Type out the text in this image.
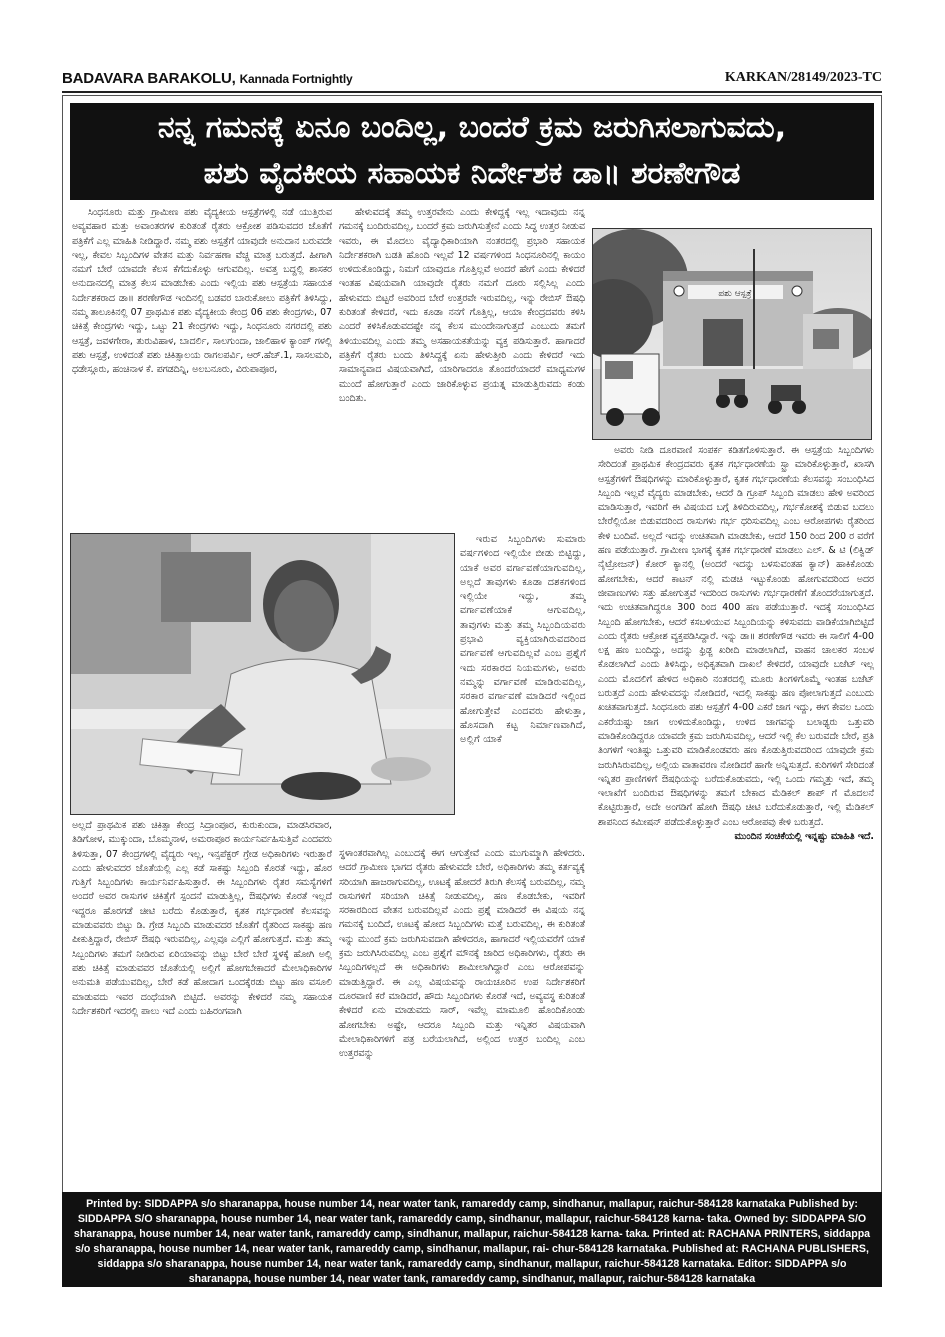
BADAVARA BARAKOLU, Kannada Fortnightly	KARKAN/28149/2023-TC
ನನ್ನ ಗಮನಕ್ಕೆ ಏನೂ ಬಂದಿಲ್ಲ, ಬಂದರೆ ಕ್ರಮ ಜರುಗಿಸಲಾಗುವದು,
ಪಶು ವೈದಕೀಯ ಸಹಾಯಕ ನಿರ್ದೇಶಕ ಡಾ॥ ಶರಣೇಗೌಡ

ಸಿಂಧನೂರು ಮತ್ತು ಗ್ರಾಮೀಣ ಪಶು ವೈದ್ಯಕೀಯ ಆಸ್ಪತ್ರೆಗಳಲ್ಲಿ ನಡೆ ಯುತ್ತಿರುವ ಅವ್ಯವಹಾರ ಮತ್ತು ಅವಾಂತರಗಳ ಕುರಿತಂತೆ ರೈತರು ಆಕ್ರೋಶ ಪಡಿಸುವದರ ಜೊತೆಗೆ ಪತ್ರಿಕೆಗೆ ಎಲ್ಲ ಮಾಹಿತಿ ನೀಡಿದ್ದಾರೆ. ನಮ್ಮ ಪಶು ಆಸ್ಪತ್ರೆಗೆ ಯಾವುದೇ ಅನುದಾನ ಬರುವದೇ ಇಲ್ಲ, ಕೇವಲ ಸಿಬ್ಬಂದಿಗಳ ವೇತನ ಮತ್ತು ನಿರ್ವಹಣಾ ವೆಚ್ಚ ಮಾತ್ರ ಬರುತ್ತದೆ. ಹೀಗಾಗಿ ನಮಗೆ ಬೇರೆ ಯಾವದೇ ಕೆಲಸ ಕೆಗೆದುಕೊಳ್ಳು ಆಗುವದಿಲ್ಲ. ಅವತ್ತ ಬದ್ದಲ್ಲಿ ಶಾಸಕರ ಅನುದಾನದಲ್ಲಿ ಮಾತ್ರ ಕೆಲಸ ಮಾಡಬೇಕು ಎಂದು ಇಲ್ಲಿಯ ಪಶು ಆಸ್ಪತ್ರೆಯ ಸಹಾಯಕ ನಿರ್ದೇಶಕರಾದ ಡಾ॥ ಶರಣೇಗೌಡ ಇಂದಿನಲ್ಲಿ ಬಡವರ ಬಾರುಕೋಲು ಪತ್ರಿಕೆಗೆ ತಿಳಿಸಿದ್ದು, ನಮ್ಮ ತಾಲೂಕಿನಲ್ಲಿ 07 ಪ್ರಾಥಮಿಕ ಪಶು ವೈದ್ಯಕೀಯ ಕೇಂದ್ರ 06 ಪಶು ಕೇಂದ್ರಗಳು, 07 ಚಿಕಿತ್ಸೆ ಕೇಂದ್ರಗಳು ಇದ್ದು, ಒಟ್ಟು 21 ಕೇಂದ್ರಗಳು ಇದ್ದು, ಸಿಂಧನೂರು ನಗರದಲ್ಲಿ ಪಶು ಆಸ್ಪತ್ರೆ, ಜವಳಗೇರಾ, ತುರುವಿಹಾಳ, ಬಾದರ್ಲಿ, ಸಾಲಗುಂದಾ, ಜಾಲಿಹಾಳ ಕ್ಯಾಂಪ್ ಗಳಲ್ಲಿ ಪಶು ಆಸ್ಪತ್ರೆ, ಉಳಿದಂತೆ ಪಶು ಚಿಕಿತ್ಸಾಲಯ ರಾಗಲಪರ್ವಿ, ಆರ್.ಹೆಚ್.1, ಸಾಸಲಮರಿ, ಧಡೇಸ್ಗೂರು, ಹಂಚಿನಾಳ ಕೆ. ಪಗಡದಿನ್ನಿ, ಅಲಬನೂರು, ವಿರುಪಾಪೂರ,

ಹೇಳುವದಕ್ಕೆ ತಮ್ಮ ಉತ್ತರವೇನು ಎಂದು ಕೇಳಿದ್ದಕ್ಕೆ ಇಲ್ಲ ಇದಾವುದು ನನ್ನ ಗಮನಕ್ಕೆ ಬಂದಿರುವದಿಲ್ಲ, ಬಂದರೆ ಕ್ರಮ ಜರುಗಿಸುತ್ತೇನೆ ಎಂದು ಸಿದ್ಧ ಉತ್ತರ ನೀಡುವ ಇವರು, ಈ ಮೊದಲು ವೈದ್ಯಾಧಿಕಾರಿಯಾಗಿ ನಂತರದಲ್ಲಿ ಪ್ರಭಾರಿ ಸಹಾಯಕ ನಿರ್ದೇಶಕರಾಗಿ ಬಡತಿ ಹೊಂದಿ ಇಲ್ಲವೆ 12 ವರ್ಷಗಳಿಂದ ಸಿಂಧನೂರಿನಲ್ಲಿ ಕಾಯಂ ಉಳಿದುಕೊಂಡಿದ್ದು, ನಿಮಗೆ ಯಾವುದೂ ಗೊತ್ತಿಲ್ಲವೆ ಅಂದರೆ ಹೇಗೆ ಎಂದು ಕೇಳಿದರೆ ಇಂತಹ ವಿಷಯವಾಗಿ ಯಾವುದೇ ರೈತರು ನಮಗೆ ದೂರು ಸಲ್ಲಿಸಿಲ್ಲ ಎಂದು ಹೇಳುವದು ಬಿಟ್ಟರೆ ಅವರಿಂದ ಬೇರೆ ಉತ್ತರವೇ ಇರುವದಿಲ್ಲ, ಇನ್ನು ರೇಬಿಸ್ ಔಷಧಿ ಕುರಿತಂತೆ ಕೇಳಿದರೆ, ಇದು ಕೂಡಾ ನನಗೆ ಗೊತ್ತಿಲ್ಲ, ಆಯಾ ಕೇಂದ್ರದವರು ಕಳಿಸಿ ಎಂದರೆ ಕಳಿಸಿಕೊಡುವದಷ್ಟೇ ನನ್ನ ಕೆಲಸ ಮುಂದೇನಾಗುತ್ತದೆ ಎಂಬುದು ತಮಗೆ ತಿಳಿಯುವದಿಲ್ಲ ಎಂದು ತಮ್ಮ ಅಸಹಾಯಕತೆಯನ್ನು ವ್ಯಕ್ತ ಪಡಿಸುತ್ತಾರೆ. ಹಾಗಾದರೆ ಪತ್ರಿಕೆಗೆ ರೈತರು ಬಂದು ತಿಳಿಸಿದ್ದಕ್ಕೆ ಏನು ಹೇಳುತ್ತೀರಿ ಎಂದು ಕೇಳಿದರೆ ಇದು ಸಾಮಾನ್ಯವಾದ ವಿಷಯವಾಗಿದೆ, ಯಾರಿಗಾದರೂ ತೊಂದರೆಯಾದರೆ ಮಾಧ್ಯಮಗಳ ಮುಂದೆ ಹೋಗುತ್ತಾರೆ ಎಂದು ಜಾರಿಕೊಳ್ಳುವ ಪ್ರಯತ್ನ ಮಾಡುತ್ತಿರುವದು ಕಂಡು ಬಂದಿತು.

ಪಶು ಆಸ್ಪತ್ರೆ

ಅವರು ನೀಡಿ ದೂರವಾಣಿ ಸಂಪರ್ಕ ಕಡಿತಗೊಳಿಸುತ್ತಾರೆ. ಈ ಆಸ್ಪತ್ರೆಯ ಸಿಬ್ಬಂದಿಗಳು ಸೇರಿದಂತೆ ಪ್ರಾಥಮಿಕ ಕೇಂದ್ರದವರು ಕೃತಕ ಗರ್ಭಧಾರಣೆಯ ಸ್ಟ್ರಾ ಮಾರಿಕೊಳ್ಳುತ್ತಾರೆ, ಖಾಸಗಿ ಆಸ್ಪತ್ರೆಗಳಿಗೆ ಔಷಧಿಗಳನ್ನು ಮಾರಿಕೊಳ್ಳುತ್ತಾರೆ, ಕೃತಕ ಗರ್ಭಧಾರಣೆಯ ಕೆಲಸವನ್ನು ಸಂಬಂಧಿಸಿದ ಸಿಬ್ಬಂದಿ ಇಲ್ಲವೆ ವೈದ್ಯರು ಮಾಡಬೇಕು, ಆದರೆ ಡಿ ಗ್ರೂಪ್ ಸಿಬ್ಬಂದಿ ಮಾಡಲು ಹೇಳಿ ಅವರಿಂದ ಮಾಡಿಸುತ್ತಾರೆ, ಇವರಿಗೆ ಈ ವಿಷಯದ ಬಗ್ಗೆ ತಿಳಿದಿರುವದಿಲ್ಲ, ಗರ್ಭಕೋಶಕ್ಕೆ ಬಿಡುವ ಬದಲು ಬೇರೆಲ್ಲಿಯೋ ಬಿಡುವದರಿಂದ ರಾಸುಗಳು ಗರ್ಭ ಧರಿಸುವದಿಲ್ಲ ಎಂಬ ಆರೋಪಗಳು ರೈತರಿಂದ ಕೇಳಿ ಬಂದಿವೆ. ಅಲ್ಲದೆ ಇದನ್ನು ಉಚಿತವಾಗಿ ಮಾಡಬೇಕು, ಆದರೆ 150 ರಿಂದ 200 ರ ವರೆಗೆ ಹಣ ಪಡೆಯುತ್ತಾರೆ. ಗ್ರಾಮೀಣ ಭಾಗಕ್ಕೆ ಕೃತಕ ಗರ್ಭಧಾರಣೆ ಮಾಡಲು ಎಲ್. & ಟಿ (ಲಿಕ್ವಿಡ್ ನೈಟ್ರೋಜನ್) ಕೋರ್ ಕ್ಯಾನಲ್ಲಿ (ಅಂದರೆ ಇದನ್ನು ಬಳಸುವಂತಹ ಕ್ಯಾನ್) ಹಾಕಿಕೊಂಡು ಹೋಗಬೇಕು, ಆದರೆ ಕಾಟನ್ ನಲ್ಲಿ ಮಡಚಿ ಇಟ್ಟುಕೊಂಡು ಹೋಗುವದರಿಂದ ಅದರ ಜೀವಾಣುಗಳು ಸತ್ತು ಹೋಗುತ್ತವೆ ಇದರಿಂದ ರಾಸುಗಳು ಗರ್ಭಧಾರಣೆಗೆ ತೊಂದರೆಯಾಗುತ್ತದೆ. ಇದು ಉಚಿತವಾಗಿದ್ದರೂ 300 ರಿಂದ 400 ಹಣ ಪಡೆಯುತ್ತಾರೆ. ಇದಕ್ಕೆ ಸಂಬಂಧಿಸಿದ ಸಿಬ್ಬಂದಿ ಹೋಗಬೇಕು, ಆದರೆ ಕಸಬಳಿಯುವ ಸಿಬ್ಬಂದಿಯನ್ನು ಕಳಿಸುವದು ವಾಡಿಕೆಯಾಗಿಬಿಟ್ಟಿದೆ ಎಂದು ರೈತರು ಆಕ್ರೋಶ ವ್ಯಕ್ತಪಡಿಸಿದ್ದಾರೆ. ಇನ್ನು ಡಾ॥ ಶರಣೇಗೌಡ ಇವರು ಈ ಸಾಲಿಗೆ 4-00 ಲಕ್ಷ ಹಣ ಬಂದಿದ್ದು, ಅದನ್ನು ಫ್ರಿಡ್ಜ ಖರೀದಿ ಮಾಡಲಾಗಿದೆ, ವಾಹನ ಚಾಲಕರ ಸಂಬಳ ಕೊಡಲಾಗಿದೆ ಎಂದು ತಿಳಿಸಿದ್ದು, ಅಧಿಕೃತವಾಗಿ ದಾಖಲೆ ಕೇಳಿದರೆ, ಯಾವುದೇ ಬಜೆಟ್ ಇಲ್ಲ ಎಂದು ಮೊದಲಿಗೆ ಹೇಳಿದ ಅಧಿಕಾರಿ ನಂತರದಲ್ಲಿ ಮೂರು ತಿಂಗಳಿಗೊಮ್ಮೆ ಇಂತಹ ಬಜೆಟ್ ಬರುತ್ತದೆ ಎಂದು ಹೇಳುವದನ್ನು ನೋಡಿದರೆ, ಇದಲ್ಲಿ ಸಾಕಷ್ಟು ಹಣ ಪೋಲಾಗುತ್ತದೆ ಎಂಬುದು ಖಚಿತವಾಗುತ್ತದೆ. ಸಿಂಧನೂರು ಪಶು ಆಸ್ಪತ್ರೆಗೆ 4-00 ಎಕರೆ ಜಾಗ ಇದ್ದು, ಈಗ ಕೇವಲ ಒಂದು ಎಕರೆಯಷ್ಟು ಜಾಗ ಉಳಿದುಕೊಂಡಿದ್ದು, ಉಳಿದ ಜಾಗವನ್ನು ಬಲಾಢ್ಯರು ಒತ್ತುವರಿ ಮಾಡಿಕೊಂಡಿದ್ದರೂ ಯಾವದೇ ಕ್ರಮ ಜರುಗಿಸುವದಿಲ್ಲ, ಆದರೆ ಇಲ್ಲಿ ಕೆಲ ಬರುವದೇ ಬೇರೆ, ಪ್ರತಿ ತಿಂಗಳಿಗೆ ಇಂತಿಷ್ಟು ಒತ್ತುವರಿ ಮಾಡಿಕೊಂಡವರು ಹಣ ಕೊಡುತ್ತಿರುವದರಿಂದ ಯಾವುದೇ ಕ್ರಮ ಜರುಗಿಸಿರುವದಿಲ್ಲ, ಅಲ್ಲಿಯ ವಾತಾವರಣ ನೋಡಿದರೆ ಹಾಗೇ ಅನ್ನಿಸುತ್ತದೆ. ಕುರಿಗಳಿಗೆ ಸೇರಿದಂತೆ ಇನ್ನಿತರ ಪ್ರಾಣಿಗಳಿಗೆ ಔಷಧಿಯನ್ನು ಬರೆದುಕೊಡುವದು, ಇಲ್ಲಿ ಒಂದು ಗಮ್ಮತ್ತು ಇದೆ, ತಮ್ಮ ಇಲಾಖೆಗೆ ಬಂದಿರುವ ಔಷಧಿಗಳನ್ನು ತಮಗೆ ಬೇಕಾದ ಮೆಡಿಕಲ್ ಶಾಪ್ ಗೆ ಮೊದಲನೆ ಕೊಟ್ಟಿರುತ್ತಾರೆ, ಅದೇ ಅಂಗಡಿಗೆ ಹೋಗಿ ಔಷಧಿ ಚೀಟಿ ಬರೆದುಕೊಡುತ್ತಾರೆ, ಇಲ್ಲಿ ಮೆಡಿಕಲ್ ಶಾಪನಿಂದ ಕಮೀಷನ್ ಪಡೆದುಕೊಳ್ಳುತ್ತಾರೆ ಎಂಬ ಆರೋಪವು ಕೇಳಿ ಬರುತ್ತದೆ.

ಮುಂದಿನ ಸಂಚಿಕೆಯಲ್ಲಿ ಇನ್ನಷ್ಟು ಮಾಹಿತಿ ಇದೆ.

ಇರುವ ಸಿಬ್ಬಂದಿಗಳು ಸುಮಾರು ವರ್ಷಗಳಿಂದ ಇಲ್ಲಿಯೇ ಬೀಡು ಬಿಟ್ಟಿದ್ದು, ಯಾಕೆ ಅವರ ವರ್ಗಾವಣೆಯಾಗುವದಿಲ್ಲ, ಅಲ್ಲದೆ ತಾವುಗಳು ಕೂಡಾ ದಶಕಗಳಿಂದ ಇಲ್ಲಿಯೇ ಇದ್ದು, ತಮ್ಮ ವರ್ಗಾವಣೆಯಾಕೆ ಆಗುವದಿಲ್ಲ, ತಾವುಗಳು ಮತ್ತು ತಮ್ಮ ಸಿಬ್ಬಂದಿಯವರು ಪ್ರಭಾವಿ ವ್ಯಕ್ತಿಯಾಗಿರುವದರಿಂದ ವರ್ಗಾವಣೆ ಆಗುವದಿಲ್ಲವೆ ಎಂಬ ಪ್ರಶ್ನೆಗೆ ಇದು ಸರಕಾರದ ನಿಯಮಗಳು, ಅವರು ನಮ್ಮನ್ನು ವರ್ಗಾವಣೆ ಮಾಡಿರುವದಿಲ್ಲ, ಸರಕಾರ ವರ್ಗಾವಣೆ ಮಾಡಿದರೆ ಇಲ್ಲಿಂದ ಹೋಗುತ್ತೇವೆ ಎಂದವರು ಹೇಳುತ್ತಾ, ಹೊಸದಾಗಿ ಕಟ್ಟ ನಿರ್ಮಾಣವಾಗಿದೆ, ಅಲ್ಲಿಗೆ ಯಾಕೆ

ಅಲ್ಲದೆ ಪ್ರಾಥಮಿಕ ಪಶು ಚಿಕಿತ್ಸಾ ಕೇಂದ್ರ ಸಿದ್ರಾಂಪೂರ, ಕುರುಕುಂದಾ, ಮಾಡಸಿರವಾರ, ತಿಡಿಗೋಳ, ಮುಕ್ಕುಂದಾ, ಬೊಮ್ಮನಾಳ, ಅಮರಾಪೂರ ಕಾರ್ಯನಿರ್ವಹಿಸುತ್ತಿವೆ ಎಂದವರು ತಿಳಿಸುತ್ತಾ, 07 ಕೇಂದ್ರಗಳಲ್ಲಿ ವೈದ್ಯರು ಇಲ್ಲ, ಇನ್ಸಪೆಕ್ಟರ್ ಗ್ರೇಡ ಅಧಿಕಾರಿಗಳು ಇರುತ್ತಾರೆ ಎಂದು ಹೇಳುವದರ ಜೊತೆಯಲ್ಲಿ ಎಲ್ಲ ಕಡೆ ಸಾಕಷ್ಟು ಸಿಬ್ಬಂದಿ ಕೊರತೆ ಇದ್ದು, ಹೊರ ಗುತ್ತಿಗೆ ಸಿಬ್ಬಂದಿಗಳು ಕಾರ್ಯನಿರ್ವಹಿಸುತ್ತಾರೆ. ಈ ಸಿಬ್ಬಂದಿಗಳು ರೈತರ ಸಮಸ್ಯೆಗಳಿಗೆ ಅಂದರೆ ಅವರ ರಾಸುಗಳ ಚಿಕಿತ್ಸೆಗೆ ಸ್ಪಂದನೆ ಮಾಡುತ್ತಿಲ್ಲ, ಔಷಧಿಗಳು ಕೊರತೆ ಇಲ್ಲದೆ ಇದ್ದರೂ ಹೊರಗಡೆ ಚೀಟಿ ಬರೆದು ಕೊಡುತ್ತಾರೆ, ಕೃತಕ ಗರ್ಭಧಾರಣೆ ಕೆಲಸವನ್ನು ಮಾಡುವವರು ಬಿಟ್ಟು ಡಿ. ಗ್ರೇಡ ಸಿಬ್ಬಂದಿ ಮಾಡುವದರ ಜೊತೆಗೆ ರೈತರಿಂದ ಸಾಕಷ್ಟು ಹಣ ಪೀಕುತ್ತಿದ್ದಾರೆ, ರೇಬಿಸ್ ಔಷಧಿ ಇರುವದಿಲ್ಲ, ಎಲ್ಲವೂ ಎಲ್ಲಿಗೆ ಹೋಗುತ್ತದೆ. ಮತ್ತು ತಮ್ಮ ಸಿಬ್ಬಂದಿಗಳು ತಮಗೆ ನೀಡಿರುವ ಏರಿಯಾವನ್ನು ಬಿಟ್ಟು ಬೇರೆ ಬೇರೆ ಸ್ಥಳಕ್ಕೆ ಹೋಗಿ ಅಲ್ಲಿ ಪಶು ಚಿಕಿತ್ಸೆ ಮಾಡುವವರ ಜೊತೆಯಲ್ಲಿ ಅಲ್ಲಿಗೆ ಹೋಗಬೇಕಾದರೆ ಮೇಲಾಧಿಕಾರಿಗಳ ಅನುಮತಿ ಪಡೆಯುವದಿಲ್ಲ, ಬೇರೆ ಕಡೆ ಹೋದಾಗ ಒಂದಕ್ಕೆರಡು ಬಿಟ್ಟು ಹಣ ವಸೂಲಿ ಮಾಡುವದು ಇವರ ದಂಧೆಯಾಗಿ ಬಿಟ್ಟಿದೆ. ಅವರನ್ನು ಕೇಳಿದರೆ ನಮ್ಮ ಸಹಾಯಕ ನಿರ್ದೇಶಕರಿಗೆ ಇದರಲ್ಲಿ ಪಾಲು ಇದೆ ಎಂದು ಬಹಿರಂಗವಾಗಿ

ಸ್ಥಳಾಂತರವಾಗಿಲ್ಲ ಎಂಬುದಕ್ಕೆ ಈಗ ಆಗುತ್ತೇವೆ ಎಂದು ಮುಗುಮ್ಮಾಗಿ ಹೇಳಿದರು. ಆದರೆ ಗ್ರಾಮೀಣ ಭಾಗದ ರೈತರು ಹೇಳುವದೇ ಬೇರೆ, ಅಧಿಕಾರಿಗಳು ತಮ್ಮ ಕರ್ತವ್ಯಕ್ಕೆ ಸರಿಯಾಗಿ ಹಾಜರಾಗುವದಿಲ್ಲ, ಊಟಕ್ಕೆ ಹೋದರೆ ತಿರುಗಿ ಕೆಲಸಕ್ಕೆ ಬರುವದಿಲ್ಲ, ನಮ್ಮ ರಾಸುಗಳಿಗೆ ಸರಿಯಾಗಿ ಚಿಕಿತ್ಸೆ ನೀಡುವದಿಲ್ಲ, ಹಣ ಕೊಡಬೇಕು, ಇವರಿಗೆ ಸರಕಾರದಿಂದ ವೇತನ ಬರುವದಿಲ್ಲವೆ ಎಂದು ಪ್ರಶ್ನೆ ಮಾಡಿದರೆ ಈ ವಿಷಯ ನನ್ನ ಗಮನಕ್ಕೆ ಬಂದಿದೆ, ಊಟಕ್ಕೆ ಹೋದ ಸಿಬ್ಬಂದಿಗಳು ಮತ್ತೆ ಬರುವದಿಲ್ಲ, ಈ ಕುರಿತಂತೆ ಇನ್ನು ಮುಂದೆ ಕ್ರಮ ಜರುಗಿಸುವದಾಗಿ ಹೇಳಿದರೂ, ಹಾಗಾದರೆ ಇಲ್ಲಿಯವರೆಗೆ ಯಾಕೆ ಕ್ರಮ ಜರುಗಿಸಿರುವದಿಲ್ಲ ಎಂಬ ಪ್ರಶ್ನೆಗೆ ಮೌನಕ್ಕೆ ಜಾರಿದ ಅಧಿಕಾರಿಗಳು, ರೈತರು ಈ ಸಿಬ್ಬಂದಿಗಳಲ್ಲದೆ ಈ ಅಧಿಕಾರಿಗಳು ಶಾಮೀಲಾಗಿದ್ದಾರೆ ಎಂಬ ಆರೋಪವನ್ನು ಮಾಡುತ್ತಿದ್ದಾರೆ. ಈ ಎಲ್ಲ ವಿಷಯವನ್ನು ರಾಯಚೂರಿನ ಉಪ ನಿರ್ದೇಶಕರಿಗೆ ದೂರವಾಣಿ ಕರೆ ಮಾಡಿದರೆ, ಹೌದು ಸಿಬ್ಬಂದಿಗಳು ಕೊರತೆ ಇದೆ, ಅವ್ಯವಸ್ಥ ಕುರಿತಂತೆ ಕೇಳಿದರೆ ಏನು ಮಾಡುವದು ಸಾರ್, ಇವೆಲ್ಲ ಮಾಮೂಲಿ ಹೊಂದಿಕೊಂಡು ಹೋಗಬೇಕು ಅಷ್ಟೇ, ಆದರೂ ಸಿಬ್ಬಂದಿ ಮತ್ತು ಇನ್ನಿತರ ವಿಷಯವಾಗಿ ಮೇಲಾಧಿಕಾರಿಗಳಿಗೆ ಪತ್ರ ಬರೆಯಲಾಗಿದೆ, ಅಲ್ಲಿಂದ ಉತ್ತರ ಬಂದಿಲ್ಲ ಎಂಬ ಉತ್ತರವನ್ನು

Printed by: SIDDAPPA s/o sharanappa, house number 14, near water tank, ramareddy camp, sindhanur, mallapur, raichur-584128 karnataka Published by: SIDDAPPA S/O sharanappa, house number 14, near water tank, ramareddy camp, sindhanur, mallapur, raichur-584128 karna- taka. Owned by: SIDDAPPA S/O sharanappa, house number 14, near water tank, ramareddy camp, sindhanur, mallapur, raichur-584128 karna- taka. Printed at: RACHANA PRINTERS, siddappa s/o sharanappa, house number 14, near water tank, ramareddy camp, sindhanur, mallapur, rai- chur-584128 karnataka. Published at: RACHANA PUBLISHERS, siddappa s/o sharanappa, house number 14, near water tank, ramareddy camp, sindhanur, mallapur, raichur-584128 karnataka. Editor: SIDDAPPA s/o sharanappa, house number 14, near water tank, ramareddy camp, sindhanur, mallapur, raichur-584128 karnataka
